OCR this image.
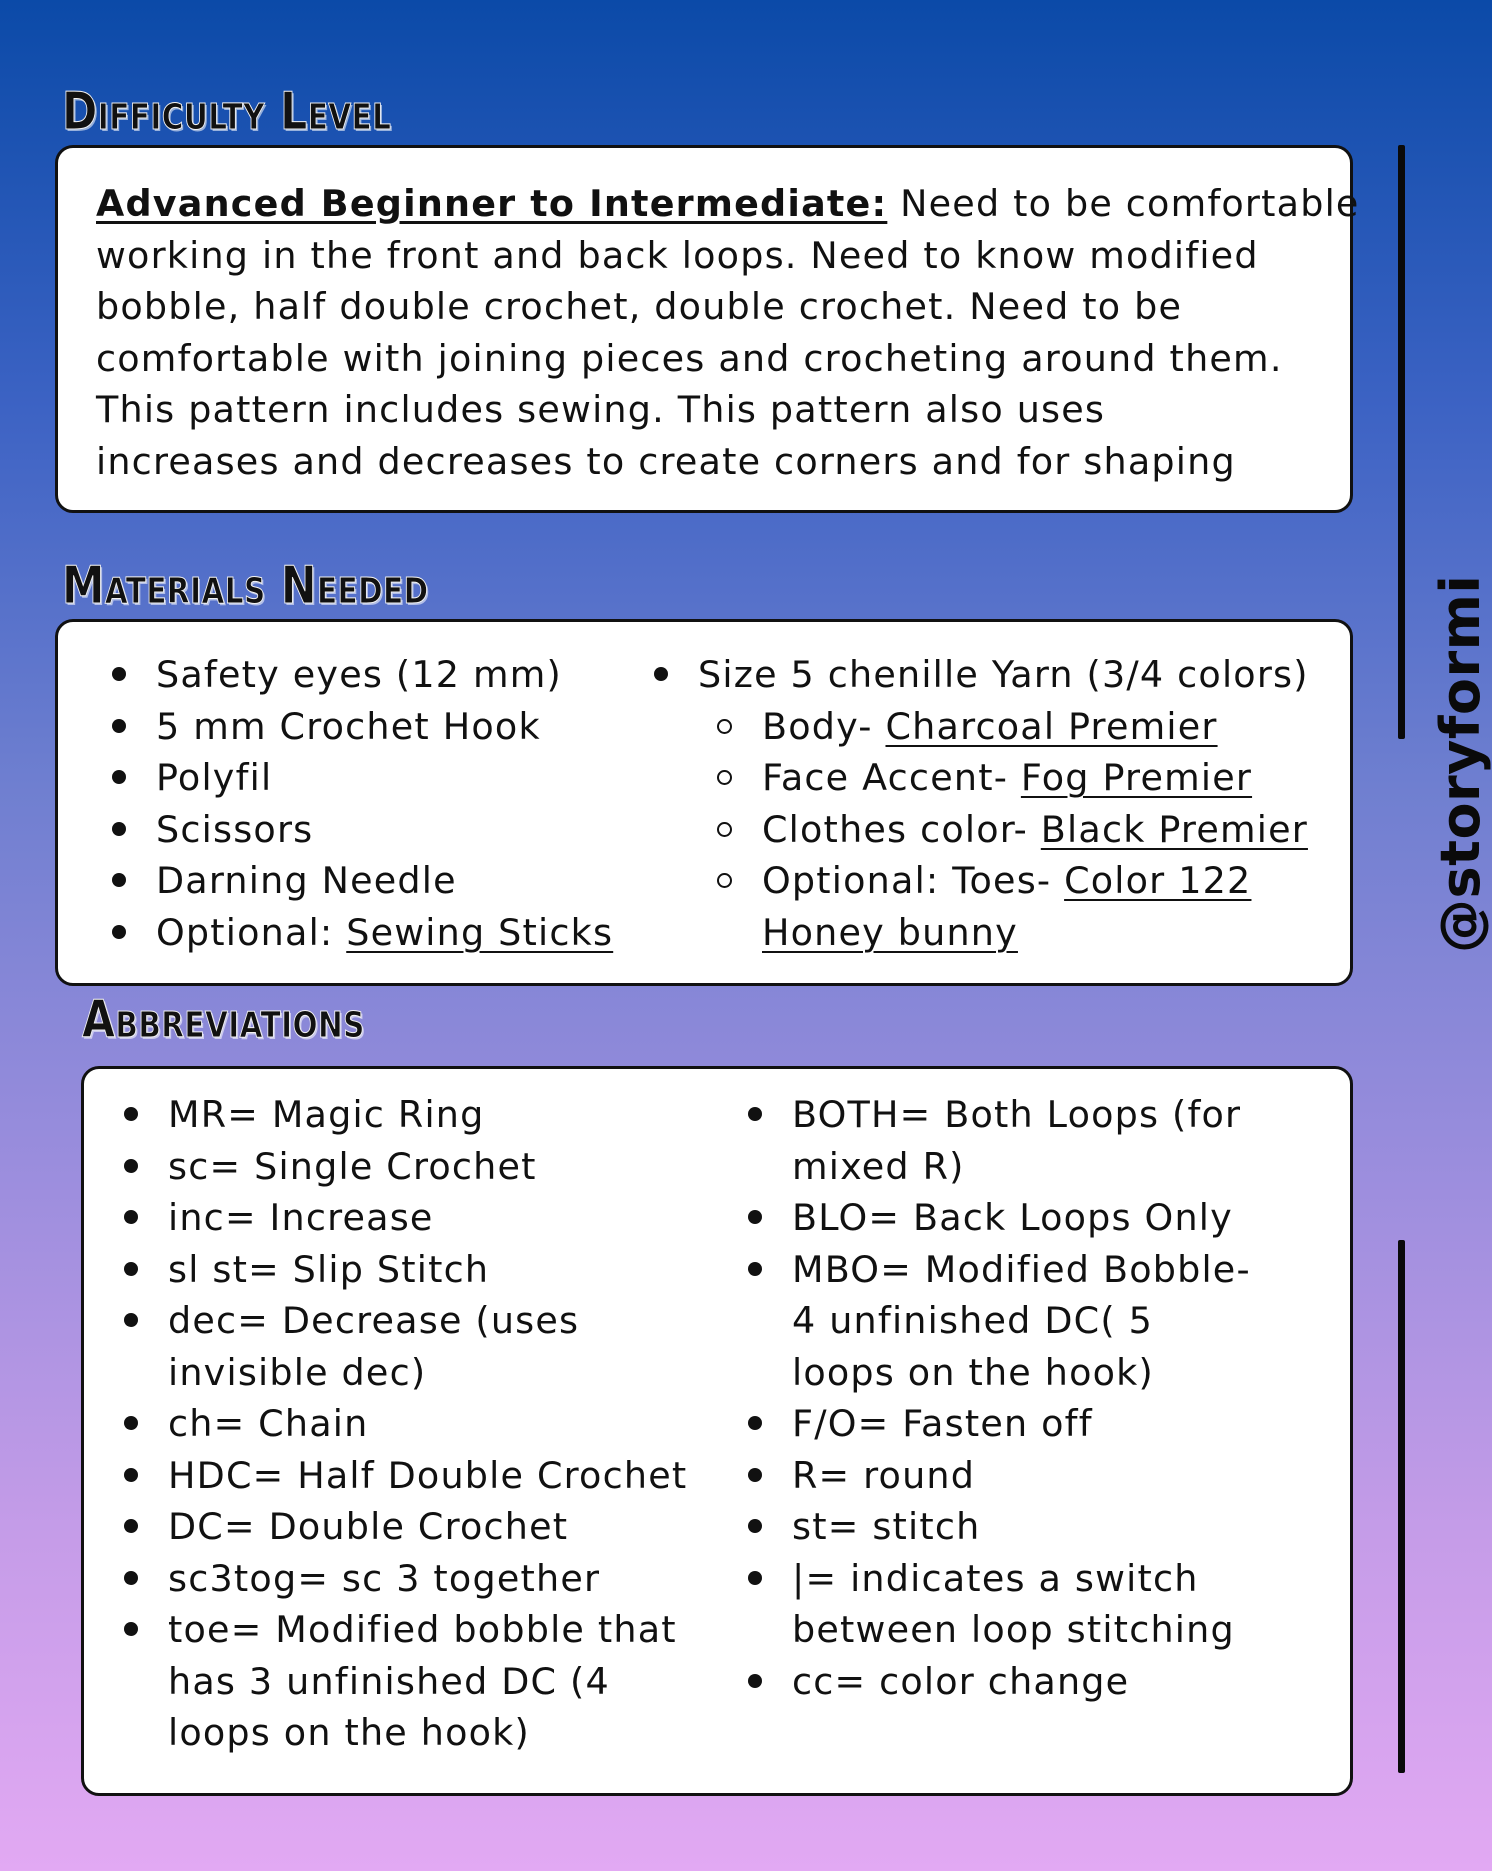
Difficulty Level

Advanced Beginner to Intermediate: Need to be comfortable
working in the front and back loops. Need to know modified
bobble, half double crochet, double crochet. Need to be
comfortable with joining pieces and crocheting around them.
This pattern includes sewing. This pattern also uses
increases and decreases to create corners and for shaping

Materials Needed
Safety eyes (12 mm)
5 mm Crochet Hook
Polyfil
Scissors
Darning Needle
Optional: Sewing Sticks
Size 5 chenille Yarn (3/4 colors)
Body- Charcoal Premier
Face Accent- Fog Premier
Clothes color- Black Premier
Optional: Toes- Color 122
Honey bunny
Abbreviations
MR= Magic Ring
sc= Single Crochet
inc= Increase
sl st= Slip Stitch
dec= Decrease (uses invisible dec)
ch= Chain
HDC= Half Double Crochet
DC= Double Crochet
sc3tog= sc 3 together
toe= Modified bobble that has 3 unfinished DC (4 loops on the hook)
BOTH= Both Loops (for mixed R)
BLO= Back Loops Only
MBO= Modified Bobble- 4 unfinished DC( 5 loops on the hook)
F/O= Fasten off
R= round
st= stitch
|= indicates a switch between loop stitching
cc= color change
@storyformi
